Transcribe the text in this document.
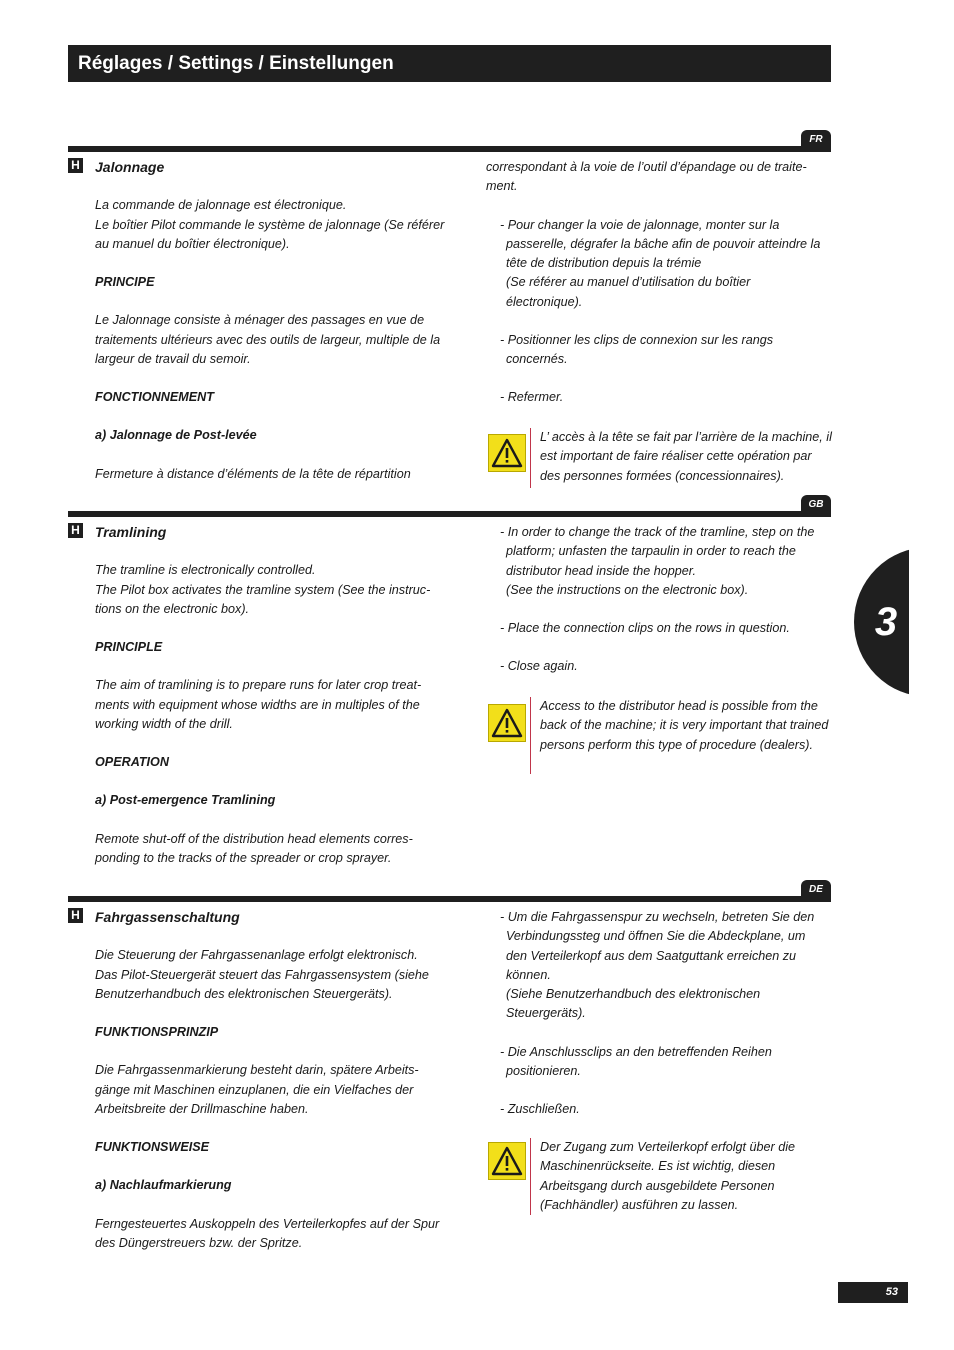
Réglages / Settings / Einstellungen
3
FR
H Jalonnage

La commande de jalonnage est électronique.
Le boîtier Pilot commande le système de jalonnage (Se référer au manuel du boîtier électronique).

PRINCIPE

Le Jalonnage consiste à ménager des passages en vue de traitements ultérieurs avec des outils de largeur, multiple de la largeur de travail du semoir.

FONCTIONNEMENT

a) Jalonnage de Post-levée

Fermeture à distance d’éléments de la tête de répartition

correspondant à la voie de l’outil d’épandage ou de traite-
ment.

- Pour changer la voie de jalonnage, monter sur la
passerelle, dégrafer la bâche afin de pouvoir atteindre la
tête de distribution depuis la trémie
(Se référer au manuel d’utilisation du boîtier
électronique).

- Positionner les clips de connexion sur les rangs
concernés.

- Refermer.

L’ accès à la tête se fait par l’arrière de la machine, il est important de faire réaliser cette opération par des personnes formées (concessionnaires).
GB
H Tramlining

The tramline is electronically controlled.
The Pilot box activates the tramline system (See the instruc-
tions on the electronic box).

PRINCIPLE

The aim of tramlining is to prepare runs for later crop treat-
ments with equipment whose widths are in multiples of the
working width of the drill.

OPERATION

a) Post-emergence Tramlining

Remote shut-off of the distribution head elements corres-
ponding to the tracks of the spreader or crop sprayer.

- In order to change the track of the tramline, step on the
platform; unfasten the tarpaulin in order to reach the
distributor head inside the hopper.
(See the instructions on the electronic box).

- Place the connection clips on the rows in question.

- Close again.

Access to the distributor head is possible from the back of the machine; it is very important that trained persons perform this type of procedure (dealers).
DE
H Fahrgassenschaltung

Die Steuerung der Fahrgassenanlage erfolgt elektronisch.
Das Pilot-Steuergerät steuert das Fahrgassensystem (siehe
Benutzerhandbuch des elektronischen Steuergeräts).

FUNKTIONSPRINZIP

Die Fahrgassenmarkierung besteht darin, spätere Arbeits-
gänge mit Maschinen einzuplanen, die ein Vielfaches der
Arbeitsbreite der Drillmaschine haben.

FUNKTIONSWEISE

a) Nachlaufmarkierung

Ferngesteuertes Auskoppeln des Verteilerkopfes auf der Spur
des Düngerstreuers bzw. der Spritze.

- Um die Fahrgassenspur zu wechseln, betreten Sie den
Verbindungssteg und öffnen Sie die Abdeckplane, um
den Verteilerkopf aus dem Saatguttank erreichen zu
können.
(Siehe Benutzerhandbuch des elektronischen
Steuergeräts).

- Die Anschlussclips an den betreffenden Reihen
positionieren.

- Zuschließen.

Der Zugang zum Verteilerkopf erfolgt über die Maschinenrückseite. Es ist wichtig, diesen Arbeitsgang durch ausgebildete Personen (Fachhändler) ausführen zu lassen.
53
